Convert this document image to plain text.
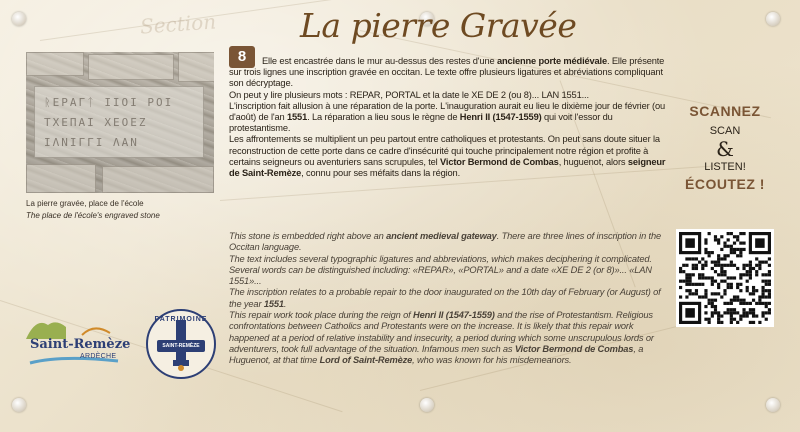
Section	La pierre Gravée
ᚱΕΡΑΓᛏ ΙΙΟΙ ΡΟΙ
ΤΧΕΠΑΙ ΧΕΟΕΖ
ΙΛΝΙΓΓΙ ΛΑΝ
La pierre gravée, place de l'école
The place de l'école's engraved stone
8	Elle est encastrée dans le mur au-dessus des restes d'une ancienne porte médiévale. Elle présente sur trois lignes une inscription gravée en occitan. Le texte offre plusieurs ligatures et abréviations compliquant son décryptage.

On peut y lire plusieurs mots : REPAR, PORTAL et la date le XE DE 2 (ou 8)... LAN 1551...

L'inscription fait allusion à une réparation de la porte. L'inauguration aurait eu lieu le dixième jour de février (ou d'août) de l'an 1551. La réparation a lieu sous le règne de Henri II (1547-1559) qui voit l'essor du protestantisme.

Les affrontements se multiplient un peu partout entre catholiques et protestants. On peut sans doute situer la reconstruction de cette porte dans ce cadre d'insécurité qui touche principalement notre région et profite à certains seigneurs ou aventuriers sans scrupules, tel Victor Bermond de Combas, huguenot, alors seigneur de Saint-Remèze, connu pour ses méfaits dans la région.

This stone is embedded right above an ancient medieval gateway. There are three lines of inscription in the Occitan language.

The text includes several typographic ligatures and abbreviations, which makes deciphering it complicated. Several words can be distinguished including: «REPAR», «PORTAL» and a date «XE DE 2 (or 8)»... «LAN 1551»...

The inscription relates to a probable repair to the door inaugurated on the 10th day of February (or August) of the year 1551.

This repair work took place during the reign of Henri II (1547-1559) and the rise of Protestantism. Religious confrontations between Catholics and Protestants were on the increase. It is likely that this repair work happened at a period of relative instability and insecurity, a period during which some unscrupulous lords or adventurers, took full advantage of the situation. Infamous men such as Victor Bermond de Combas, a Huguenot, at that time Lord of Saint-Remèze, who was known for his misdemeanors.

SCANNEZ
SCAN
&
LISTEN!
ÉCOUTEZ !
Saint-Remèze
ARDÈCHE
PATRIMOINE
SAINT-REMÈZE
